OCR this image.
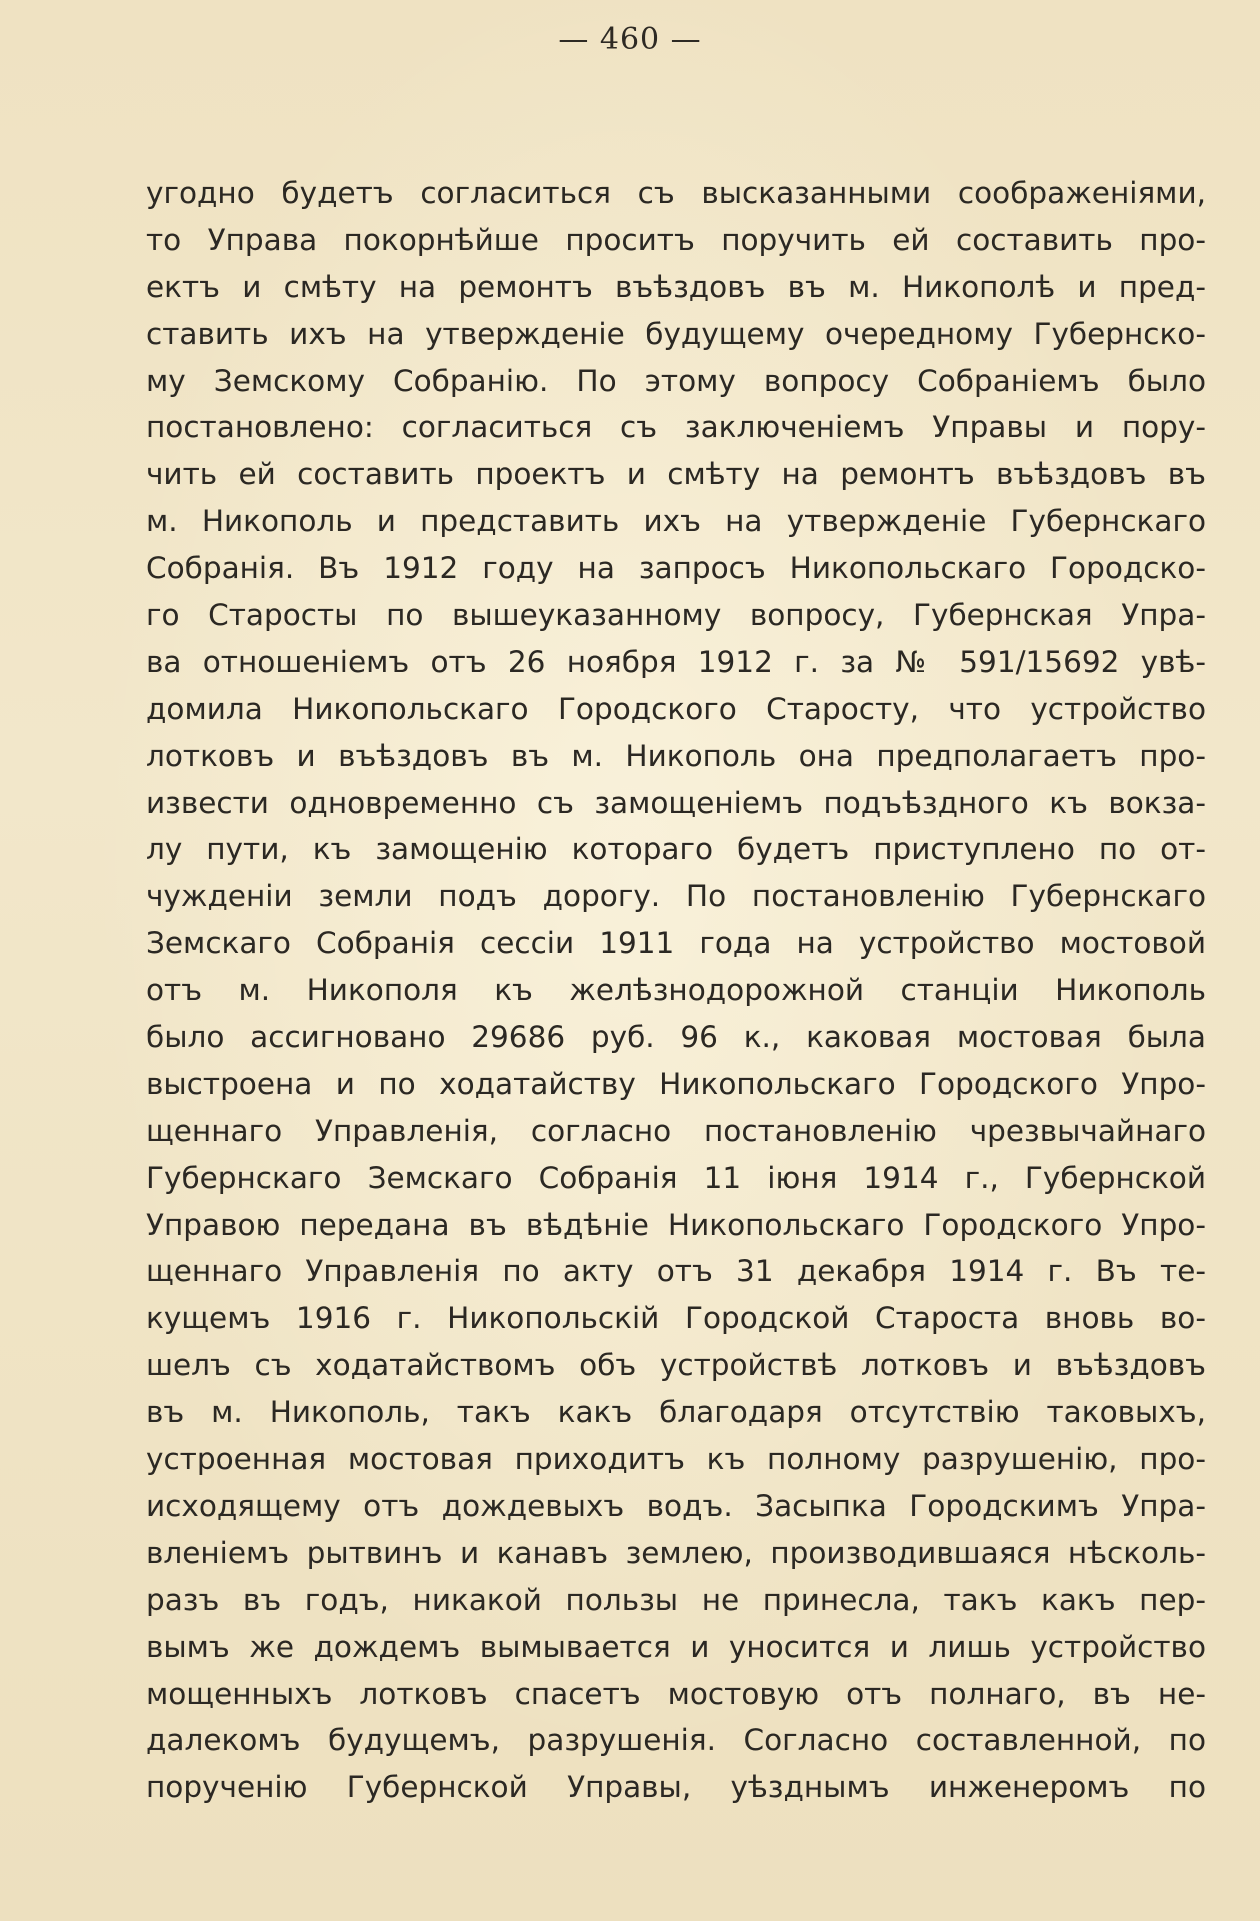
— 460 —
угодно будетъ согласиться съ высказанными соображеніями,
то Управа покорнѣйше проситъ поручить ей составить про-
ектъ и смѣту на ремонтъ въѣздовъ въ м. Никополѣ и пред-
ставить ихъ на утвержденіе будущему очередному Губернско-
му Земскому Собранію. По этому вопросу Собраніемъ было
постановлено: согласиться съ заключеніемъ Управы и пору-
чить ей составить проектъ и смѣту на ремонтъ въѣздовъ въ
м. Никополь и представить ихъ на утвержденіе Губернскаго
Собранія. Въ 1912 году на запросъ Никопольскаго Городско-
го Старосты по вышеуказанному вопросу, Губернская Упра-
ва отношеніемъ отъ 26 ноября 1912 г. за № 591/15692 увѣ-
домила Никопольскаго Городского Старосту, что устройство
лотковъ и въѣздовъ въ м. Никополь она предполагаетъ про-
извести одновременно съ замощеніемъ подъѣздного къ вокза-
лу пути, къ замощенію котораго будетъ приступлено по от-
чужденіи земли подъ дорогу. По постановленію Губернскаго
Земскаго Собранія сессіи 1911 года на устройство мостовой
отъ м. Никополя къ желѣзнодорожной станціи Никополь
было ассигновано 29686 руб. 96 к., каковая мостовая была
выстроена и по ходатайству Никопольскаго Городского Упро-
щеннаго Управленія, согласно постановленію чрезвычайнаго
Губернскаго Земскаго Собранія 11 іюня 1914 г., Губернской
Управою передана въ вѣдѣніе Никопольскаго Городского Упро-
щеннаго Управленія по акту отъ 31 декабря 1914 г. Въ те-
кущемъ 1916 г. Никопольскій Городской Староста вновь во-
шелъ съ ходатайствомъ объ устройствѣ лотковъ и въѣздовъ
въ м. Никополь, такъ какъ благодаря отсутствію таковыхъ,
устроенная мостовая приходитъ къ полному разрушенію, про-
исходящему отъ дождевыхъ водъ. Засыпка Городскимъ Упра-
вленіемъ рытвинъ и канавъ землею, производившаяся нѣсколь-
разъ въ годъ, никакой пользы не принесла, такъ какъ пер-
вымъ же дождемъ вымывается и уносится и лишь устройство
мощенныхъ лотковъ спасетъ мостовую отъ полнаго, въ не-
далекомъ будущемъ, разрушенія. Согласно составленной, по
порученію Губернской Управы, уѣзднымъ инженеромъ по
